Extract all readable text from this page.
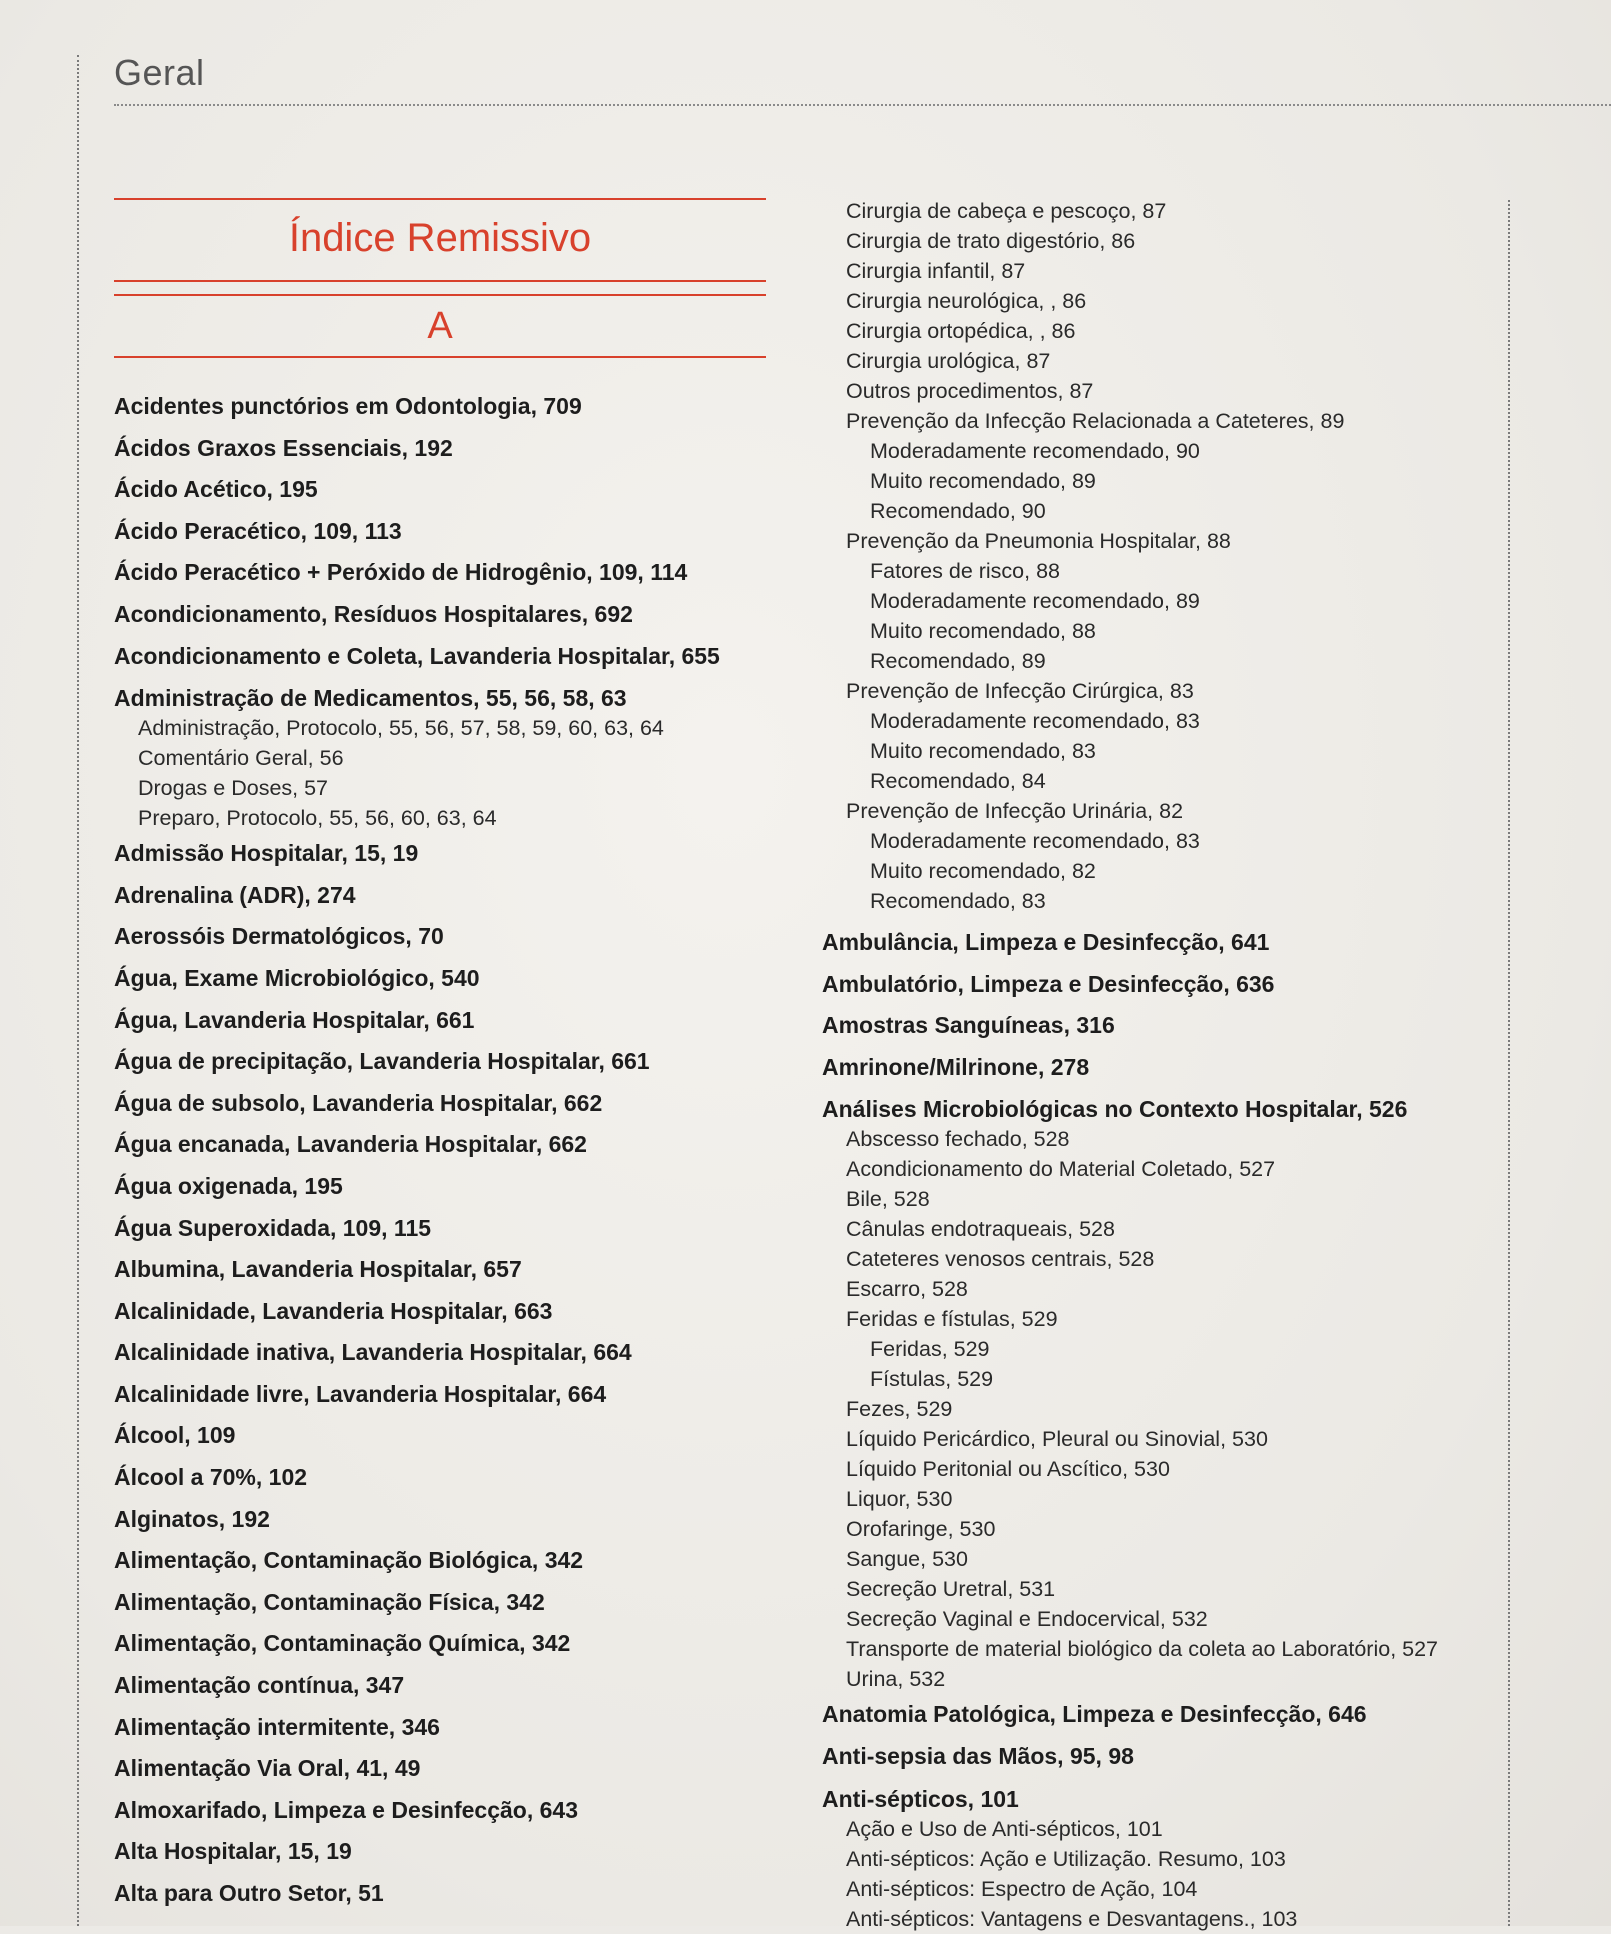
Geral
Índice Remissivo
A
Acidentes punctórios em Odontologia, 709
Ácidos Graxos Essenciais, 192
Ácido Acético, 195
Ácido Peracético, 109, 113
Ácido Peracético + Peróxido de Hidrogênio, 109, 114
Acondicionamento, Resíduos Hospitalares, 692
Acondicionamento e Coleta, Lavanderia Hospitalar, 655
Administração de Medicamentos, 55, 56, 58, 63
Administração, Protocolo, 55, 56, 57, 58, 59, 60, 63, 64
Comentário Geral, 56
Drogas e Doses, 57
Preparo, Protocolo, 55, 56, 60, 63, 64
Admissão Hospitalar, 15, 19
Adrenalina (ADR), 274
Aerossóis Dermatológicos, 70
Água, Exame Microbiológico, 540
Água, Lavanderia Hospitalar, 661
Água de precipitação, Lavanderia Hospitalar, 661
Água de subsolo, Lavanderia Hospitalar, 662
Água encanada, Lavanderia Hospitalar, 662
Água oxigenada, 195
Água Superoxidada, 109, 115
Albumina, Lavanderia Hospitalar, 657
Alcalinidade, Lavanderia Hospitalar, 663
Alcalinidade inativa, Lavanderia Hospitalar, 664
Alcalinidade livre, Lavanderia Hospitalar, 664
Álcool, 109
Álcool a 70%, 102
Alginatos, 192
Alimentação, Contaminação Biológica, 342
Alimentação, Contaminação Física, 342
Alimentação, Contaminação Química, 342
Alimentação contínua, 347
Alimentação intermitente, 346
Alimentação Via Oral, 41, 49
Almoxarifado, Limpeza e Desinfecção, 643
Alta Hospitalar, 15, 19
Alta para Outro Setor, 51
Cirurgia de cabeça e pescoço, 87
Cirurgia de trato digestório, 86
Cirurgia infantil, 87
Cirurgia neurológica, , 86
Cirurgia ortopédica, , 86
Cirurgia urológica, 87
Outros procedimentos, 87
Prevenção da Infecção Relacionada a Cateteres, 89
Moderadamente recomendado, 90
Muito recomendado, 89
Recomendado, 90
Prevenção da Pneumonia Hospitalar, 88
Fatores de risco, 88
Moderadamente recomendado, 89
Muito recomendado, 88
Recomendado, 89
Prevenção de Infecção Cirúrgica, 83
Moderadamente recomendado, 83
Muito recomendado, 83
Recomendado, 84
Prevenção de Infecção Urinária, 82
Moderadamente recomendado, 83
Muito recomendado, 82
Recomendado, 83
Ambulância, Limpeza e Desinfecção, 641
Ambulatório, Limpeza e Desinfecção, 636
Amostras Sanguíneas, 316
Amrinone/Milrinone, 278
Análises Microbiológicas no Contexto Hospitalar, 526
Abscesso fechado, 528
Acondicionamento do Material Coletado, 527
Bile, 528
Cânulas endotraqueais, 528
Cateteres venosos centrais, 528
Escarro, 528
Feridas e fístulas, 529
Feridas, 529
Fístulas, 529
Fezes, 529
Líquido Pericárdico, Pleural ou Sinovial, 530
Líquido Peritonial ou Ascítico, 530
Liquor, 530
Orofaringe, 530
Sangue, 530
Secreção Uretral, 531
Secreção Vaginal e Endocervical, 532
Transporte de material biológico da coleta ao Laboratório, 527
Urina, 532
Anatomia Patológica, Limpeza e Desinfecção, 646
Anti-sepsia das Mãos, 95, 98
Anti-sépticos, 101
Ação e Uso de Anti-sépticos, 101
Anti-sépticos: Ação e Utilização. Resumo, 103
Anti-sépticos: Espectro de Ação, 104
Anti-sépticos: Vantagens e Desvantagens., 103
